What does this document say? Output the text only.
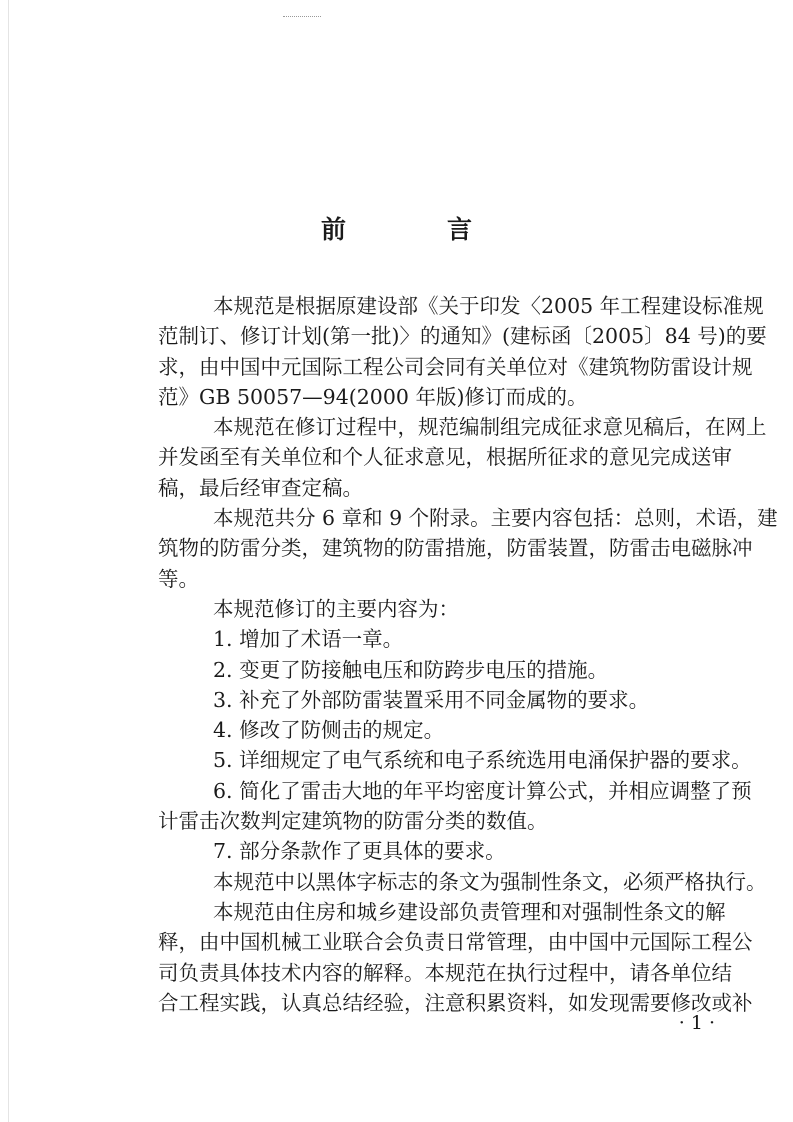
前　言
本规范是根据原建设部《关于印发〈2005 年工程建设标准规
范制订、修订计划(第一批)〉的通知》(建标函〔2005〕84 号)的要
求，由中国中元国际工程公司会同有关单位对《建筑物防雷设计规
范》GB 50057—94(2000 年版)修订而成的。
本规范在修订过程中，规范编制组完成征求意见稿后，在网上
并发函至有关单位和个人征求意见，根据所征求的意见完成送审
稿，最后经审查定稿。
本规范共分 6 章和 9 个附录。主要内容包括：总则，术语，建
筑物的防雷分类，建筑物的防雷措施，防雷装置，防雷击电磁脉冲
等。
本规范修订的主要内容为：
1. 增加了术语一章。
2. 变更了防接触电压和防跨步电压的措施。
3. 补充了外部防雷装置采用不同金属物的要求。
4. 修改了防侧击的规定。
5. 详细规定了电气系统和电子系统选用电涌保护器的要求。
6. 简化了雷击大地的年平均密度计算公式，并相应调整了预
计雷击次数判定建筑物的防雷分类的数值。
7. 部分条款作了更具体的要求。
本规范中以黑体字标志的条文为强制性条文，必须严格执行。
本规范由住房和城乡建设部负责管理和对强制性条文的解
释，由中国机械工业联合会负责日常管理，由中国中元国际工程公
司负责具体技术内容的解释。本规范在执行过程中，请各单位结
合工程实践，认真总结经验，注意积累资料，如发现需要修改或补
· 1 ·
